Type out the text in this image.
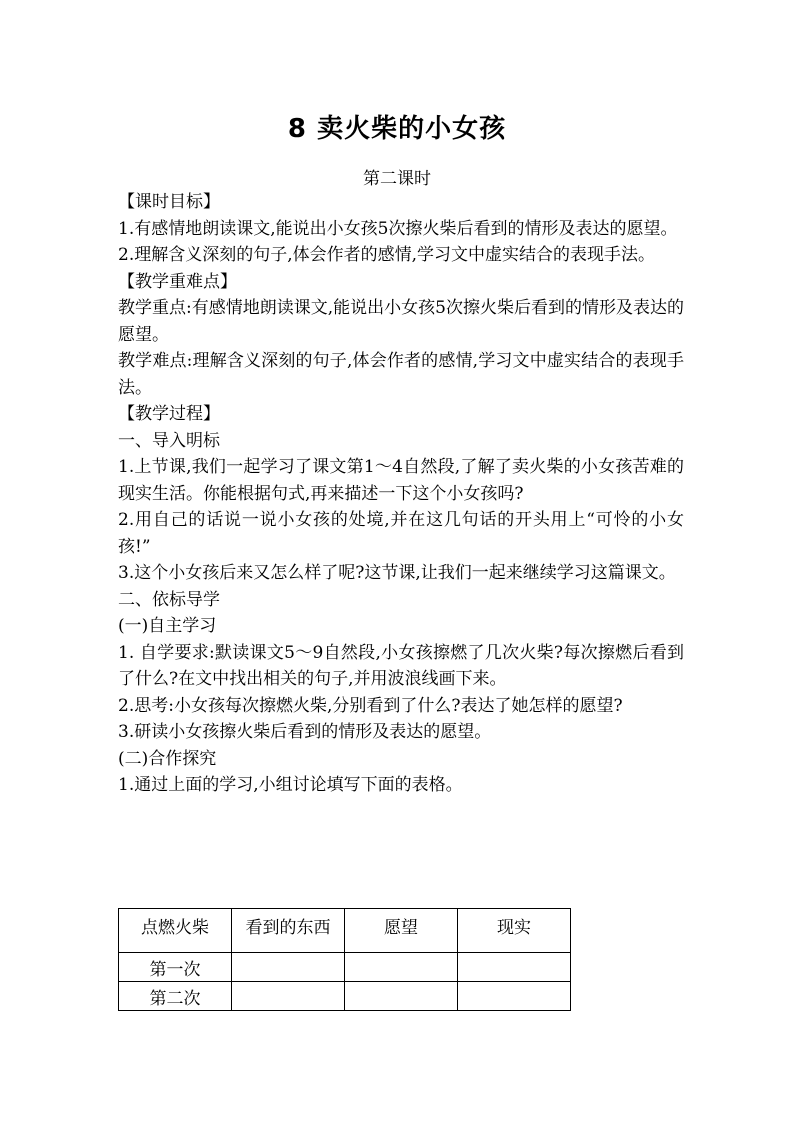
8 卖火柴的小女孩
第二课时

【课时目标】

1.有感情地朗读课文,能说出小女孩5次擦火柴后看到的情形及表达的愿望。

2.理解含义深刻的句子,体会作者的感情,学习文中虚实结合的表现手法。

【教学重难点】

教学重点:有感情地朗读课文,能说出小女孩5次擦火柴后看到的情形及表达的愿望。

教学难点:理解含义深刻的句子,体会作者的感情,学习文中虚实结合的表现手法。

【教学过程】

一、导入明标

1.上节课,我们一起学习了课文第1～4自然段,了解了卖火柴的小女孩苦难的现实生活。你能根据句式,再来描述一下这个小女孩吗?

2.用自己的话说一说小女孩的处境,并在这几句话的开头用上“可怜的小女孩!”

3.这个小女孩后来又怎么样了呢?这节课,让我们一起来继续学习这篇课文。

二、依标导学

(一)自主学习

1. 自学要求:默读课文5～9自然段,小女孩擦燃了几次火柴?每次擦燃后看到了什么?在文中找出相关的句子,并用波浪线画下来。

2.思考:小女孩每次擦燃火柴,分别看到了什么?表达了她怎样的愿望?

3.研读小女孩擦火柴后看到的情形及表达的愿望。

(二)合作探究

1.通过上面的学习,小组讨论填写下面的表格。

点燃火柴	看到的东西	愿望	现实
第一次			
第二次			
